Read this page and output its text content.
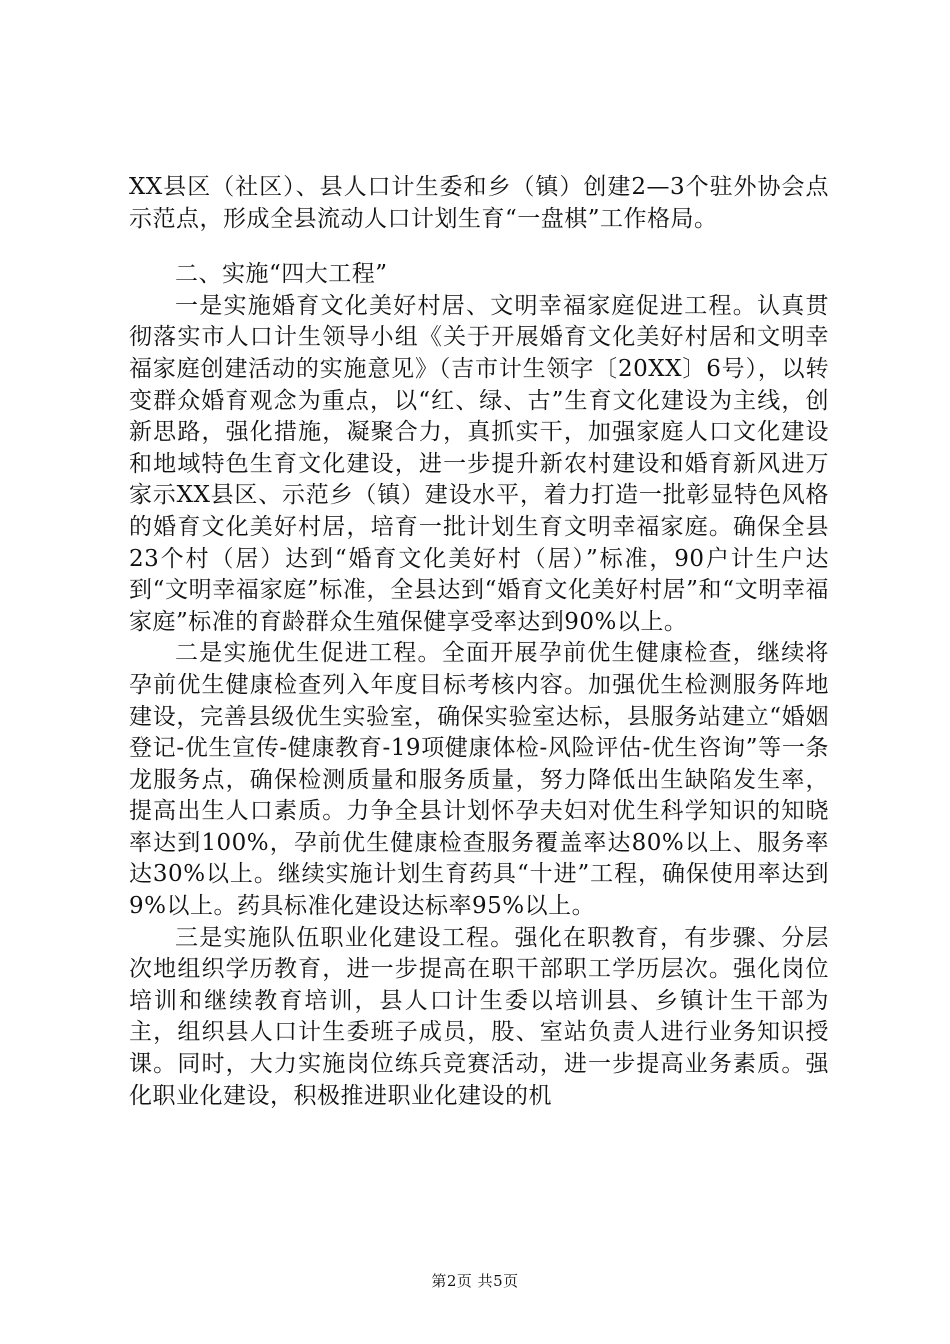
XX县区（社区）、县人口计生委和乡（镇）创建2—3个驻外协会点示范点，形成全县流动人口计划生育“一盘棋”工作格局。

二、实施“四大工程”

一是实施婚育文化美好村居、文明幸福家庭促进工程。认真贯彻落实市人口计生领导小组《关于开展婚育文化美好村居和文明幸福家庭创建活动的实施意见》（吉市计生领字〔20XX〕6号），以转变群众婚育观念为重点，以“红、绿、古”生育文化建设为主线，创新思路，强化措施，凝聚合力，真抓实干，加强家庭人口文化建设和地域特色生育文化建设，进一步提升新农村建设和婚育新风进万家示XX县区、示范乡（镇）建设水平，着力打造一批彰显特色风格的婚育文化美好村居，培育一批计划生育文明幸福家庭。确保全县23个村（居）达到“婚育文化美好村（居）”标准，90户计生户达到“文明幸福家庭”标准，全县达到“婚育文化美好村居”和“文明幸福家庭”标准的育龄群众生殖保健享受率达到90%以上。

二是实施优生促进工程。全面开展孕前优生健康检查，继续将孕前优生健康检查列入年度目标考核内容。加强优生检测服务阵地建设，完善县级优生实验室，确保实验室达标，县服务站建立“婚姻登记-优生宣传-健康教育-19项健康体检-风险评估-优生咨询”等一条龙服务点，确保检测质量和服务质量，努力降低出生缺陷发生率，提高出生人口素质。力争全县计划怀孕夫妇对优生科学知识的知晓率达到100%，孕前优生健康检查服务覆盖率达80%以上、服务率达30%以上。继续实施计划生育药具“十进”工程，确保使用率达到9%以上。药具标准化建设达标率95%以上。

三是实施队伍职业化建设工程。强化在职教育，有步骤、分层次地组织学历教育，进一步提高在职干部职工学历层次。强化岗位培训和继续教育培训，县人口计生委以培训县、乡镇计生干部为主，组织县人口计生委班子成员，股、室站负责人进行业务知识授课。同时，大力实施岗位练兵竞赛活动，进一步提高业务素质。强化职业化建设，积极推进职业化建设的机

第2页 共5页
